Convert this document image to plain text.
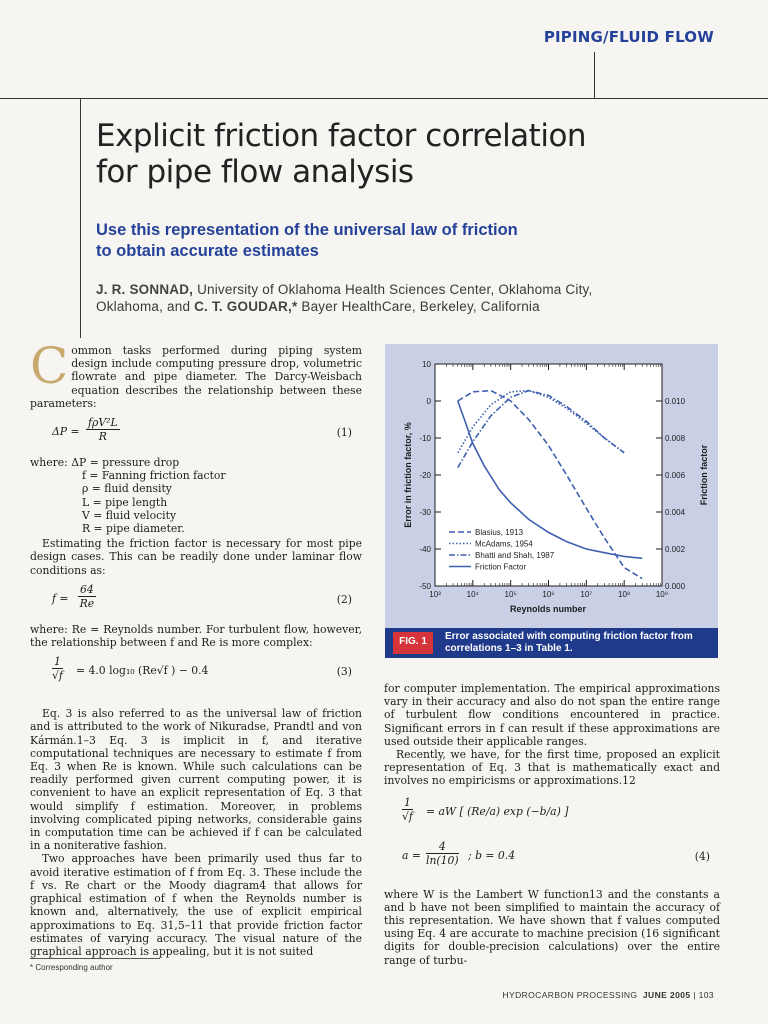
PIPING/FLUID FLOW
Explicit friction factor correlation
for pipe flow analysis
Use this representation of the universal law of friction
to obtain accurate estimates
J. R. SONNAD, University of Oklahoma Health Sciences Center, Oklahoma City,
Oklahoma, and C. T. GOUDAR,* Bayer HealthCare, Berkeley, California

Common tasks performed during piping system design include computing pressure drop, volumetric flowrate and pipe diameter. The Darcy-Weisbach equation describes the relationship between these parameters:

ΔP =
fρV²L
R	(1)
where: ΔP = pressure drop
f = Fanning friction factor
ρ = fluid density
L = pipe length
V = fluid velocity
R = pipe diameter.

Estimating the friction factor is necessary for most pipe design cases. This can be readily done under laminar flow conditions as:

$f = \frac{64}{Re}$	(2)

where: Re = Reynolds number. For turbulent flow, however, the relationship between f and Re is more complex:

$\frac{1}{√f} = 4.0$ log₁₀ (Re√f ) − 0.4	(3)

Eq. 3 is also referred to as the universal law of friction and is attributed to the work of Nikuradse, Prandtl and von Kármán.1–3 Eq. 3 is implicit in f, and iterative computational techniques are necessary to estimate f from Eq. 3 when Re is known. While such calculations can be readily performed given current computing power, it is convenient to have an explicit representation of Eq. 3 that would simplify f estimation. Moreover, in problems involving complicated piping networks, considerable gains in computation time can be achieved if f can be calculated in a noniterative fashion.

Two approaches have been primarily used thus far to avoid iterative estimation of f from Eq. 3. These include the f vs. Re chart or the Moody diagram4 that allows for graphical estimation of f when the Reynolds number is known and, alternatively, the use of explicit empirical approximations to Eq. 31,5–11 that provide friction factor estimates of varying accuracy. The visual nature of the graphical approach is appealing, but it is not suited

10³	10⁴	10⁵	10⁶	10⁷	10⁸	10⁹
10
0
-10
-20
-30
-40
-50
0.010
0.008
0.006
0.004
0.002
0.000
Blasius, 1913
McAdams, 1954
Bhatti and Shah, 1987
Friction Factor
Error in friction factor, %	Friction factor
Reynolds number
FIG. 1	Error associated with computing friction factor from
correlations 1–3 in Table 1.

for computer implementation. The empirical approximations vary in their accuracy and also do not span the entire range of turbulent flow conditions encountered in practice. Significant errors in f can result if these approximations are used outside their applicable ranges.

Recently, we have, for the first time, proposed an explicit representation of Eq. 3 that is mathematically exact and involves no empiricisms or approximations.12

$\frac{1}{√f}$ = aW [ (Re/a) exp (−b/a) ]
$a = \frac{4}{\ln(10)}$ ; b = 0.4	(4)

where W is the Lambert W function13 and the constants a and b have not been simplified to maintain the accuracy of this representation. We have shown that f values computed using Eq. 4 are accurate to machine precision (16 significant digits for double-precision calculations) over the entire range of turbu-

* Corresponding author
HYDROCARBON PROCESSING JUNE 2005 | 103
